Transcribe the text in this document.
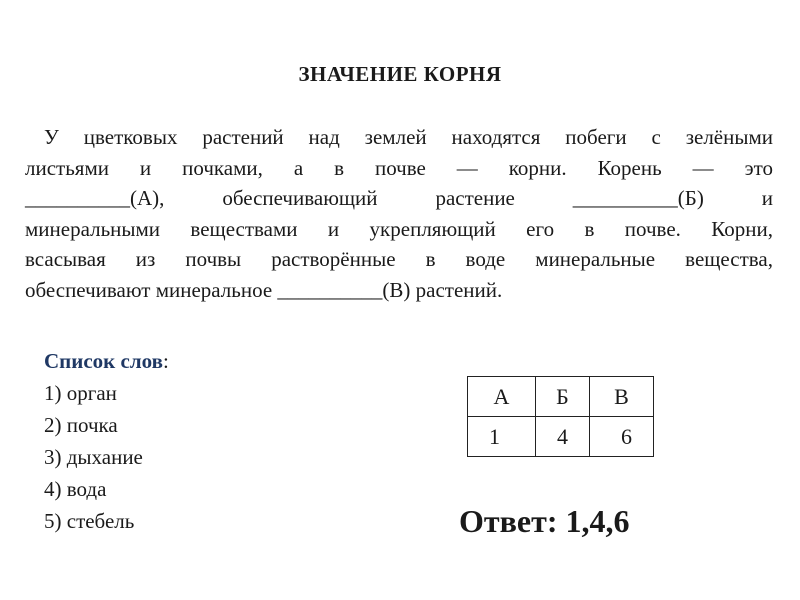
ЗНАЧЕНИЕ КОРНЯ
У цветковых растений над землей находятся побеги с зелёными
листьями и почками, а в почве — корни. Корень — это
__________(А), обеспечивающий растение __________(Б) и
минеральными веществами и укрепляющий его в почве. Корни,
всасывая из почвы растворённые в воде минеральные вещества,
обеспечивают минеральное __________(В) растений.
Список слов:
1) орган
2) почка
3) дыхание
4) вода
5) стебель
А	Б	В
1	4	6
Ответ: 1,4,6
